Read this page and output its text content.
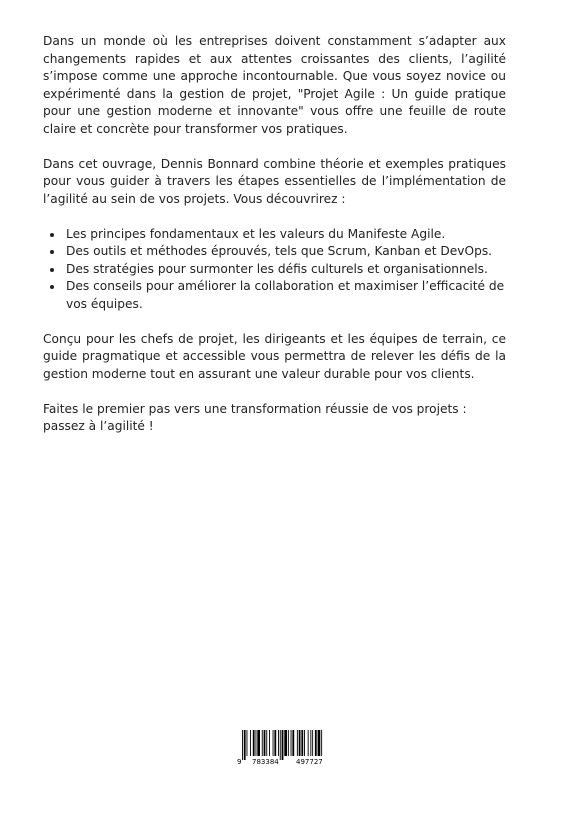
Dans un monde où les entreprises doivent constamment s’adapter aux changements rapides et aux attentes croissantes des clients, l’agilité s’impose comme une approche incontournable. Que vous soyez novice ou expérimenté dans la gestion de projet, "Projet Agile : Un guide pratique pour une gestion moderne et innovante" vous offre une feuille de route claire et concrète pour transformer vos pratiques.

Dans cet ouvrage, Dennis Bonnard combine théorie et exemples pratiques pour vous guider à travers les étapes essentielles de l’implémentation de l’agilité au sein de vos projets. Vous découvrirez :

• Les principes fondamentaux et les valeurs du Manifeste Agile.
• Des outils et méthodes éprouvés, tels que Scrum, Kanban et DevOps.
• Des stratégies pour surmonter les défis culturels et organisationnels.
• Des conseils pour améliorer la collaboration et maximiser l’efficacité de vos équipes.

Conçu pour les chefs de projet, les dirigeants et les équipes de terrain, ce guide pragmatique et accessible vous permettra de relever les défis de la gestion moderne tout en assurant une valeur durable pour vos clients.

Faites le premier pas vers une transformation réussie de vos projets : passez à l’agilité !

9 783384 497727
